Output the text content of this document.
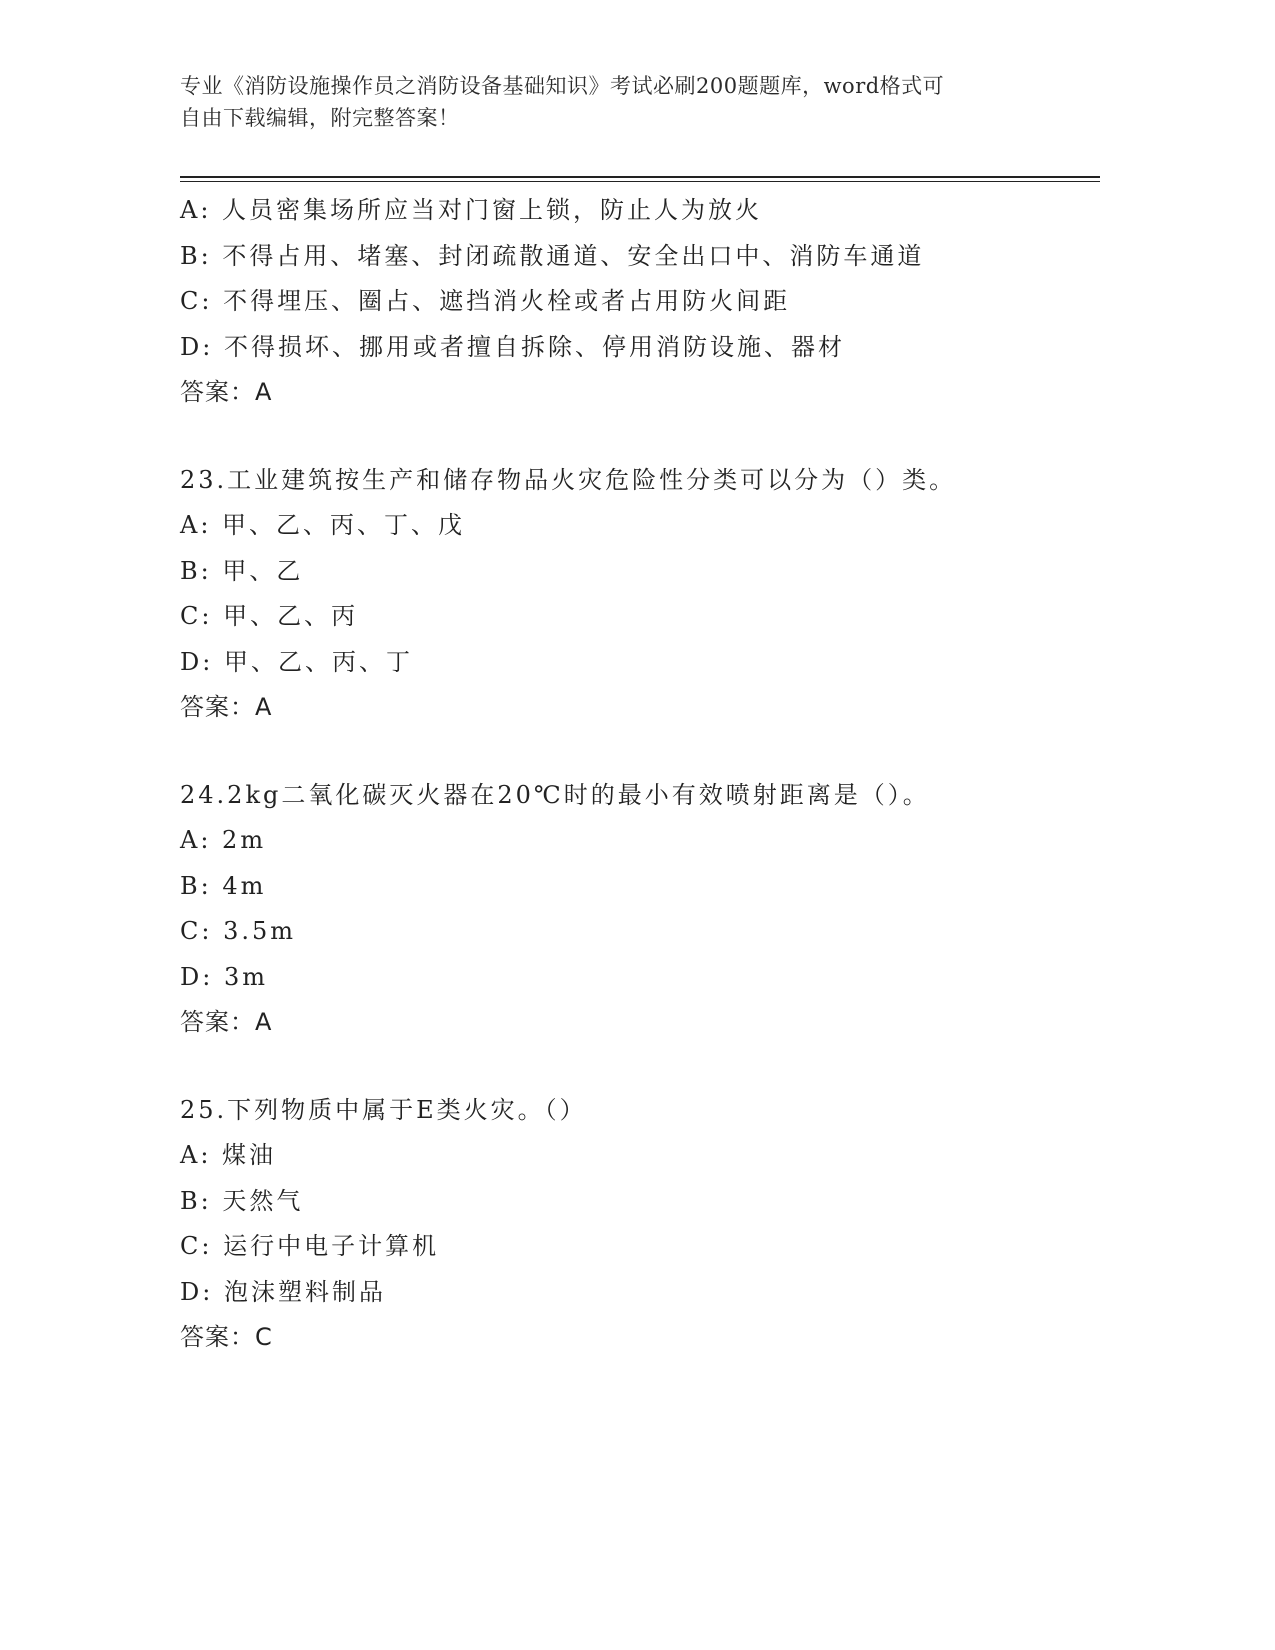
专业《消防设施操作员之消防设备基础知识》考试必刷200题题库，word格式可
自由下载编辑，附完整答案！
A: 人员密集场所应当对门窗上锁，防止人为放火
B: 不得占用、堵塞、封闭疏散通道、安全出口中、消防车通道
C: 不得埋压、圈占、遮挡消火栓或者占用防火间距
D: 不得损坏、挪用或者擅自拆除、停用消防设施、器材
答案：A
23.工业建筑按生产和储存物品火灾危险性分类可以分为（）类。
A: 甲、乙、丙、丁、戊
B: 甲、乙
C: 甲、乙、丙
D: 甲、乙、丙、丁
答案：A
24.2kg二氧化碳灭火器在20℃时的最小有效喷射距离是（）。
A: 2m
B: 4m
C: 3.5m
D: 3m
答案：A
25.下列物质中属于E类火灾。（）
A: 煤油
B: 天然气
C: 运行中电子计算机
D: 泡沫塑料制品
答案：C
